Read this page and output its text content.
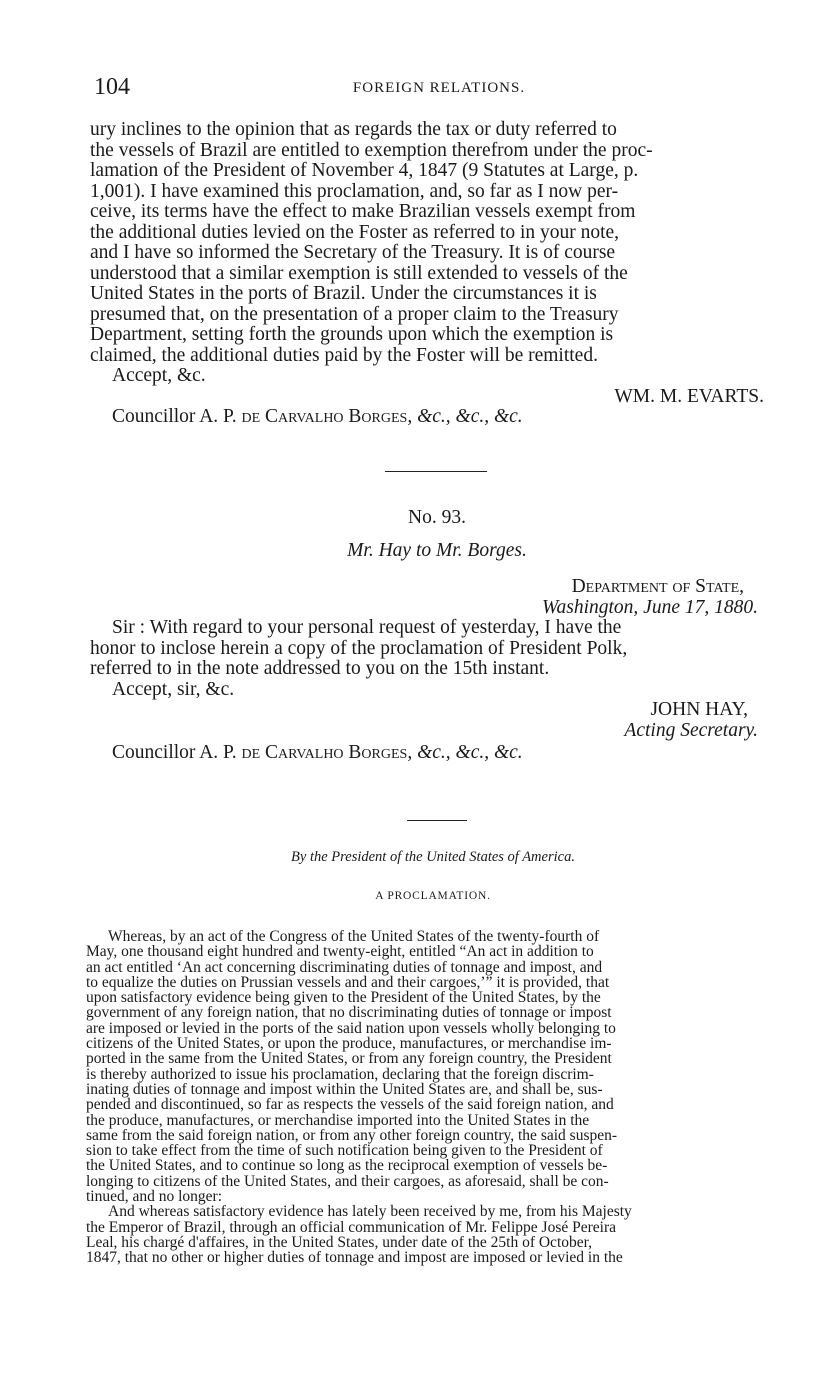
104	FOREIGN RELATIONS.

ury inclines to the opinion that as regards the tax or duty referred to

the vessels of Brazil are entitled to exemption therefrom under the proc-

lamation of the President of November 4, 1847 (9 Statutes at Large, p.

1,001). I have examined this proclamation, and, so far as I now per-

ceive, its terms have the effect to make Brazilian vessels exempt from

the additional duties levied on the Foster as referred to in your note,

and I have so informed the Secretary of the Treasury. It is of course

understood that a similar exemption is still extended to vessels of the

United States in the ports of Brazil. Under the circumstances it is

presumed that, on the presentation of a proper claim to the Treasury

Department, setting forth the grounds upon which the exemption is

claimed, the additional duties paid by the Foster will be remitted.

Accept, &c.
WM. M. EVARTS.
Councillor A. P. de Carvalho Borges, &c., &c., &c.
No. 93.
Mr. Hay to Mr. Borges.
Department of State,
Washington, June 17, 1880.

Sir : With regard to your personal request of yesterday, I have the

honor to inclose herein a copy of the proclamation of President Polk,

referred to in the note addressed to you on the 15th instant.

Accept, sir, &c.
JOHN HAY,
Acting Secretary.
Councillor A. P. de Carvalho Borges, &c., &c., &c.
By the President of the United States of America.
A PROCLAMATION.

Whereas, by an act of the Congress of the United States of the twenty-fourth of

May, one thousand eight hundred and twenty-eight, entitled “An act in addition to

an act entitled ‘An act concerning discriminating duties of tonnage and impost, and

to equalize the duties on Prussian vessels and and their cargoes,’” it is provided, that

upon satisfactory evidence being given to the President of the United States, by the

government of any foreign nation, that no discriminating duties of tonnage or impost

are imposed or levied in the ports of the said nation upon vessels wholly belonging to

citizens of the United States, or upon the produce, manufactures, or merchandise im-

ported in the same from the United States, or from any foreign country, the President

is thereby authorized to issue his proclamation, declaring that the foreign discrim-

inating duties of tonnage and impost within the United States are, and shall be, sus-

pended and discontinued, so far as respects the vessels of the said foreign nation, and

the produce, manufactures, or merchandise imported into the United States in the

same from the said foreign nation, or from any other foreign country, the said suspen-

sion to take effect from the time of such notification being given to the President of

the United States, and to continue so long as the reciprocal exemption of vessels be-

longing to citizens of the United States, and their cargoes, as aforesaid, shall be con-

tinued, and no longer:

And whereas satisfactory evidence has lately been received by me, from his Majesty

the Emperor of Brazil, through an official communication of Mr. Felippe José Pereira

Leal, his chargé d'affaires, in the United States, under date of the 25th of October,

1847, that no other or higher duties of tonnage and impost are imposed or levied in the
